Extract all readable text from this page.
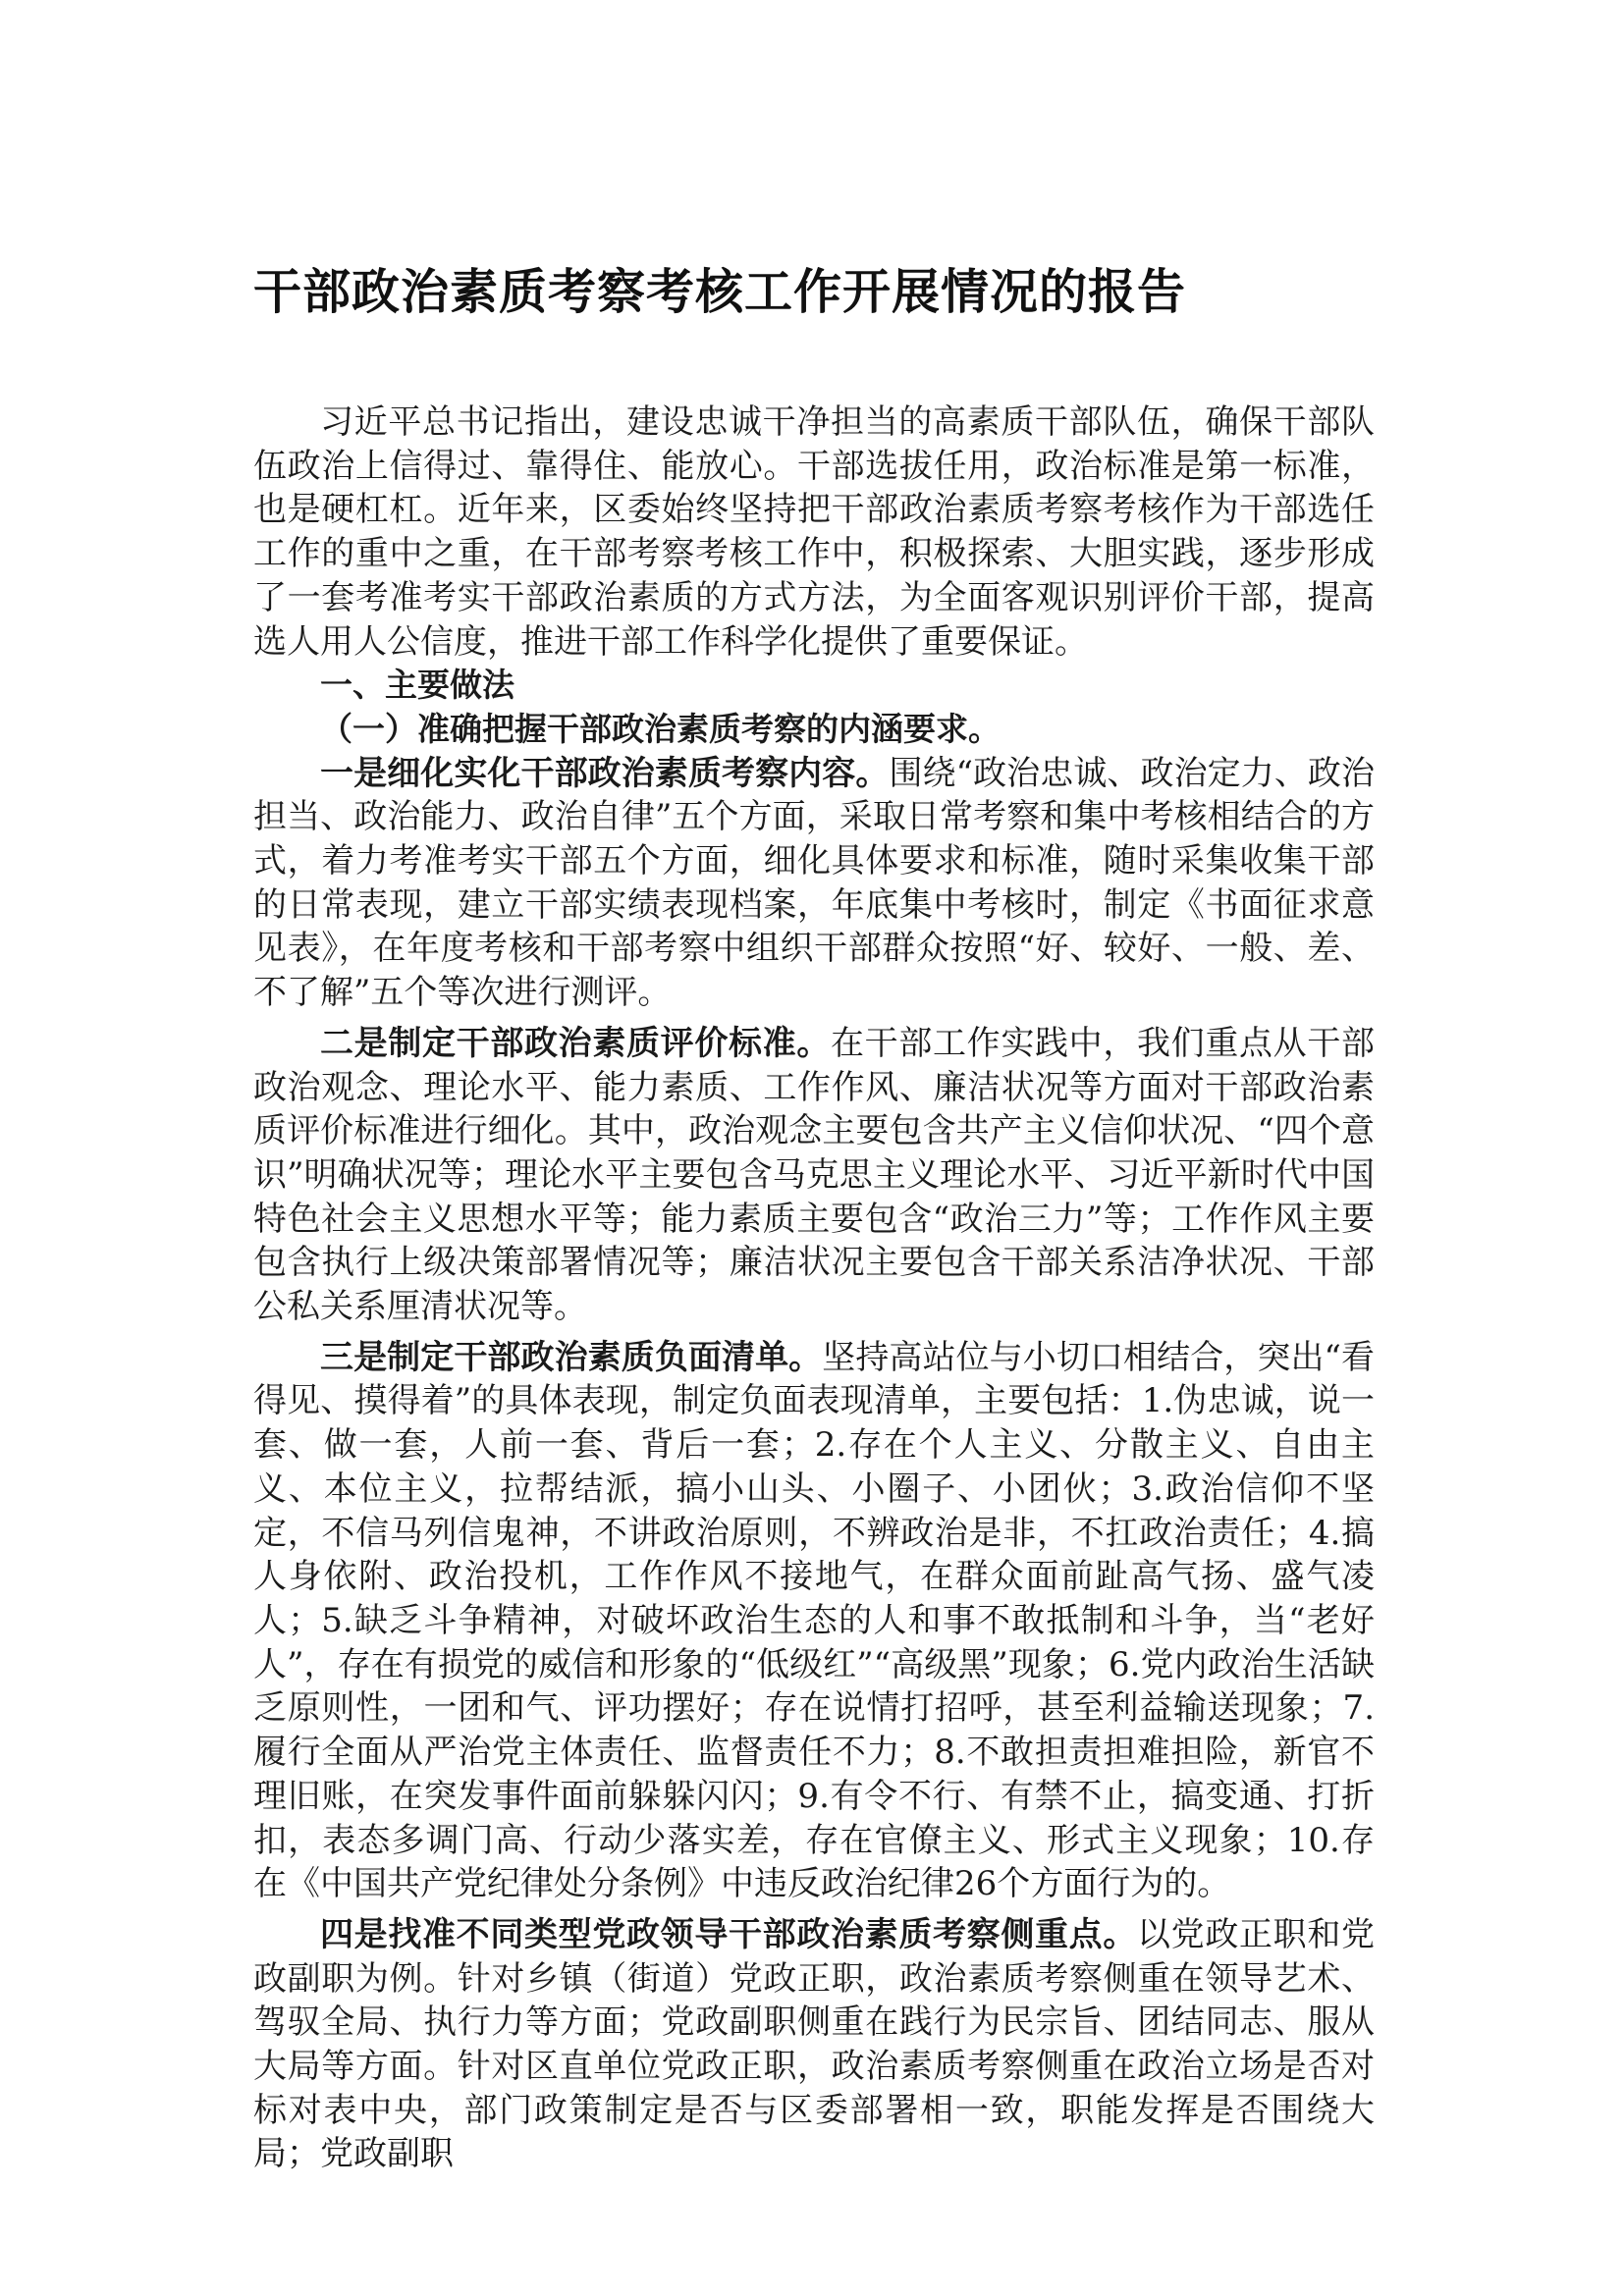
干部政治素质考察考核工作开展情况的报告

习近平总书记指出，建设忠诚干净担当的高素质干部队伍，确保干部队伍政治上信得过、靠得住、能放心。干部选拔任用，政治标准是第一标准，也是硬杠杠。近年来，区委始终坚持把干部政治素质考察考核作为干部选任工作的重中之重，在干部考察考核工作中，积极探索、大胆实践，逐步形成了一套考准考实干部政治素质的方式方法，为全面客观识别评价干部，提高选人用人公信度，推进干部工作科学化提供了重要保证。

一、主要做法

（一）准确把握干部政治素质考察的内涵要求。

一是细化实化干部政治素质考察内容。围绕“政治忠诚、政治定力、政治担当、政治能力、政治自律”五个方面，采取日常考察和集中考核相结合的方式，着力考准考实干部五个方面，细化具体要求和标准，随时采集收集干部的日常表现，建立干部实绩表现档案，年底集中考核时，制定《书面征求意见表》，在年度考核和干部考察中组织干部群众按照“好、较好、一般、差、不了解”五个等次进行测评。

二是制定干部政治素质评价标准。在干部工作实践中，我们重点从干部政治观念、理论水平、能力素质、工作作风、廉洁状况等方面对干部政治素质评价标准进行细化。其中，政治观念主要包含共产主义信仰状况、“四个意识”明确状况等；理论水平主要包含马克思主义理论水平、习近平新时代中国特色社会主义思想水平等；能力素质主要包含“政治三力”等；工作作风主要包含执行上级决策部署情况等；廉洁状况主要包含干部关系洁净状况、干部公私关系厘清状况等。

三是制定干部政治素质负面清单。坚持高站位与小切口相结合，突出“看得见、摸得着”的具体表现，制定负面表现清单，主要包括：1.伪忠诚，说一套、做一套，人前一套、背后一套；2.存在个人主义、分散主义、自由主义、本位主义，拉帮结派，搞小山头、小圈子、小团伙；3.政治信仰不坚定，不信马列信鬼神，不讲政治原则，不辨政治是非，不扛政治责任；4.搞人身依附、政治投机，工作作风不接地气，在群众面前趾高气扬、盛气凌人；5.缺乏斗争精神，对破坏政治生态的人和事不敢抵制和斗争，当“老好人”，存在有损党的威信和形象的“低级红”“高级黑”现象；6.党内政治生活缺乏原则性，一团和气、评功摆好；存在说情打招呼，甚至利益输送现象；7.履行全面从严治党主体责任、监督责任不力；8.不敢担责担难担险，新官不理旧账，在突发事件面前躲躲闪闪；9.有令不行、有禁不止，搞变通、打折扣，表态多调门高、行动少落实差，存在官僚主义、形式主义现象；10.存在《中国共产党纪律处分条例》中违反政治纪律26个方面行为的。

四是找准不同类型党政领导干部政治素质考察侧重点。以党政正职和党政副职为例。针对乡镇（街道）党政正职，政治素质考察侧重在领导艺术、驾驭全局、执行力等方面；党政副职侧重在践行为民宗旨、团结同志、服从大局等方面。针对区直单位党政正职，政治素质考察侧重在政治立场是否对标对表中央，部门政策制定是否与区委部署相一致，职能发挥是否围绕大局；党政副职
